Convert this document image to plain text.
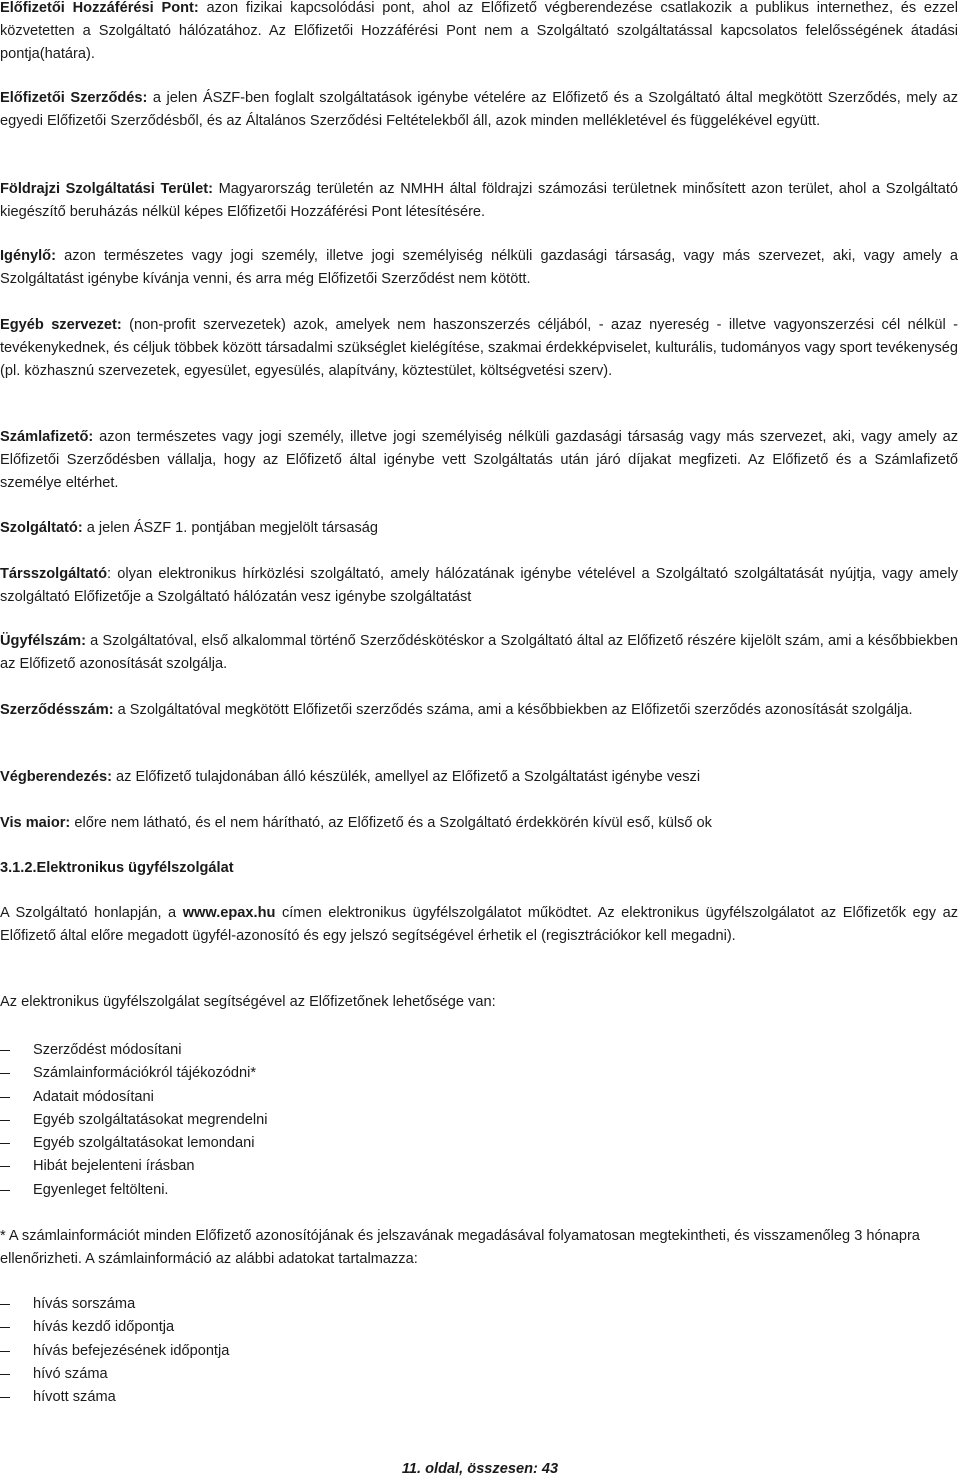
Előfizetői Hozzáférési Pont: azon fizikai kapcsolódási pont, ahol az Előfizető végberendezése csatlakozik a publikus internethez, és ezzel közvetetten a Szolgáltató hálózatához. Az Előfizetői Hozzáférési Pont nem a Szolgáltató szolgáltatással kapcsolatos felelősségének átadási pontja(határa).

Előfizetői Szerződés: a jelen ÁSZF-ben foglalt szolgáltatások igénybe vételére az Előfizető és a Szolgáltató által megkötött Szerződés, mely az egyedi Előfizetői Szerződésből, és az Általános Szerződési Feltételekből áll, azok minden mellékletével és függelékével együtt.

Földrajzi Szolgáltatási Terület: Magyarország területén az NMHH által földrajzi számozási területnek minősített azon terület, ahol a Szolgáltató kiegészítő beruházás nélkül képes Előfizetői Hozzáférési Pont létesítésére.

Igénylő: azon természetes vagy jogi személy, illetve jogi személyiség nélküli gazdasági társaság, vagy más szervezet, aki, vagy amely a Szolgáltatást igénybe kívánja venni, és arra még Előfizetői Szerződést nem kötött.

Egyéb szervezet: (non-profit szervezetek) azok, amelyek nem haszonszerzés céljából, - azaz nyereség - illetve vagyonszerzési cél nélkül - tevékenykednek, és céljuk többek között társadalmi szükséglet kielégítése, szakmai érdekképviselet, kulturális, tudományos vagy sport tevékenység (pl. közhasznú szervezetek, egyesület, egyesülés, alapítvány, köztestület, költségvetési szerv).

Számlafizető: azon természetes vagy jogi személy, illetve jogi személyiség nélküli gazdasági társaság vagy más szervezet, aki, vagy amely az Előfizetői Szerződésben vállalja, hogy az Előfizető által igénybe vett Szolgáltatás után járó díjakat megfizeti. Az Előfizető és a Számlafizető személye eltérhet.

Szolgáltató: a jelen ÁSZF 1. pontjában megjelölt társaság

Társszolgáltató: olyan elektronikus hírközlési szolgáltató, amely hálózatának igénybe vételével a Szolgáltató szolgáltatását nyújtja, vagy amely szolgáltató Előfizetője a Szolgáltató hálózatán vesz igénybe szolgáltatást

Ügyfélszám: a Szolgáltatóval, első alkalommal történő Szerződéskötéskor a Szolgáltató által az Előfizető részére kijelölt szám, ami a későbbiekben az Előfizető azonosítását szolgálja.

Szerződésszám: a Szolgáltatóval megkötött Előfizetői szerződés száma, ami a későbbiekben az Előfizetői szerződés azonosítását szolgálja.

Végberendezés: az Előfizető tulajdonában álló készülék, amellyel az Előfizető a Szolgáltatást igénybe veszi

Vis maior: előre nem látható, és el nem hárítható, az Előfizető és a Szolgáltató érdekkörén kívül eső, külső ok

3.1.2.Elektronikus ügyfélszolgálat

A Szolgáltató honlapján, a www.epax.hu címen elektronikus ügyfélszolgálatot működtet. Az elektronikus ügyfélszolgálatot az Előfizetők egy az Előfizető által előre megadott ügyfél-azonosító és egy jelszó segítségével érhetik el (regisztrációkor kell megadni).

Az elektronikus ügyfélszolgálat segítségével az Előfizetőnek lehetősége van:

Szerződést módosítani
Számlainformációkról tájékozódni*
Adatait módosítani
Egyéb szolgáltatásokat megrendelni
Egyéb szolgáltatásokat lemondani
Hibát bejelenteni írásban
Egyenleget feltölteni.

* A számlainformációt minden Előfizető azonosítójának és jelszavának megadásával folyamatosan megtekintheti, és visszamenőleg 3 hónapra ellenőrizheti. A számlainformáció az alábbi adatokat tartalmazza:

hívás sorszáma
hívás kezdő időpontja
hívás befejezésének időpontja
hívó száma
hívott száma
11. oldal, összesen: 43
